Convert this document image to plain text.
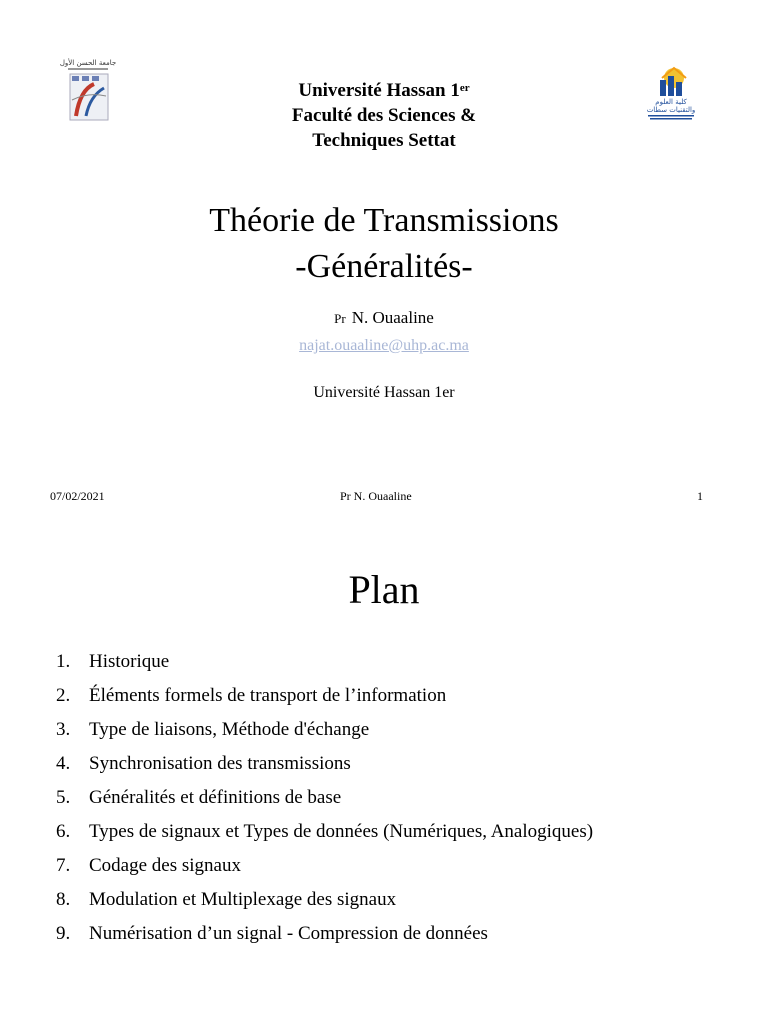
جامعة الحسن الأول
كلية العلوم
والتقنيات سطات
Université Hassan 1er
Faculté des Sciences &
Techniques Settat
Théorie de Transmissions
-Généralités-
Pr N. Ouaaline
najat.ouaaline@uhp.ac.ma
Université Hassan 1er
07/02/2021	Pr N. Ouaaline	1
Plan
1. Historique
2. Éléments formels de transport de l’information
3. Type de liaisons, Méthode d'échange
4. Synchronisation des transmissions
5. Généralités et définitions de base
6. Types de signaux et Types de données (Numériques, Analogiques)
7. Codage des signaux
8. Modulation et Multiplexage des signaux
9. Numérisation d’un signal - Compression de données
